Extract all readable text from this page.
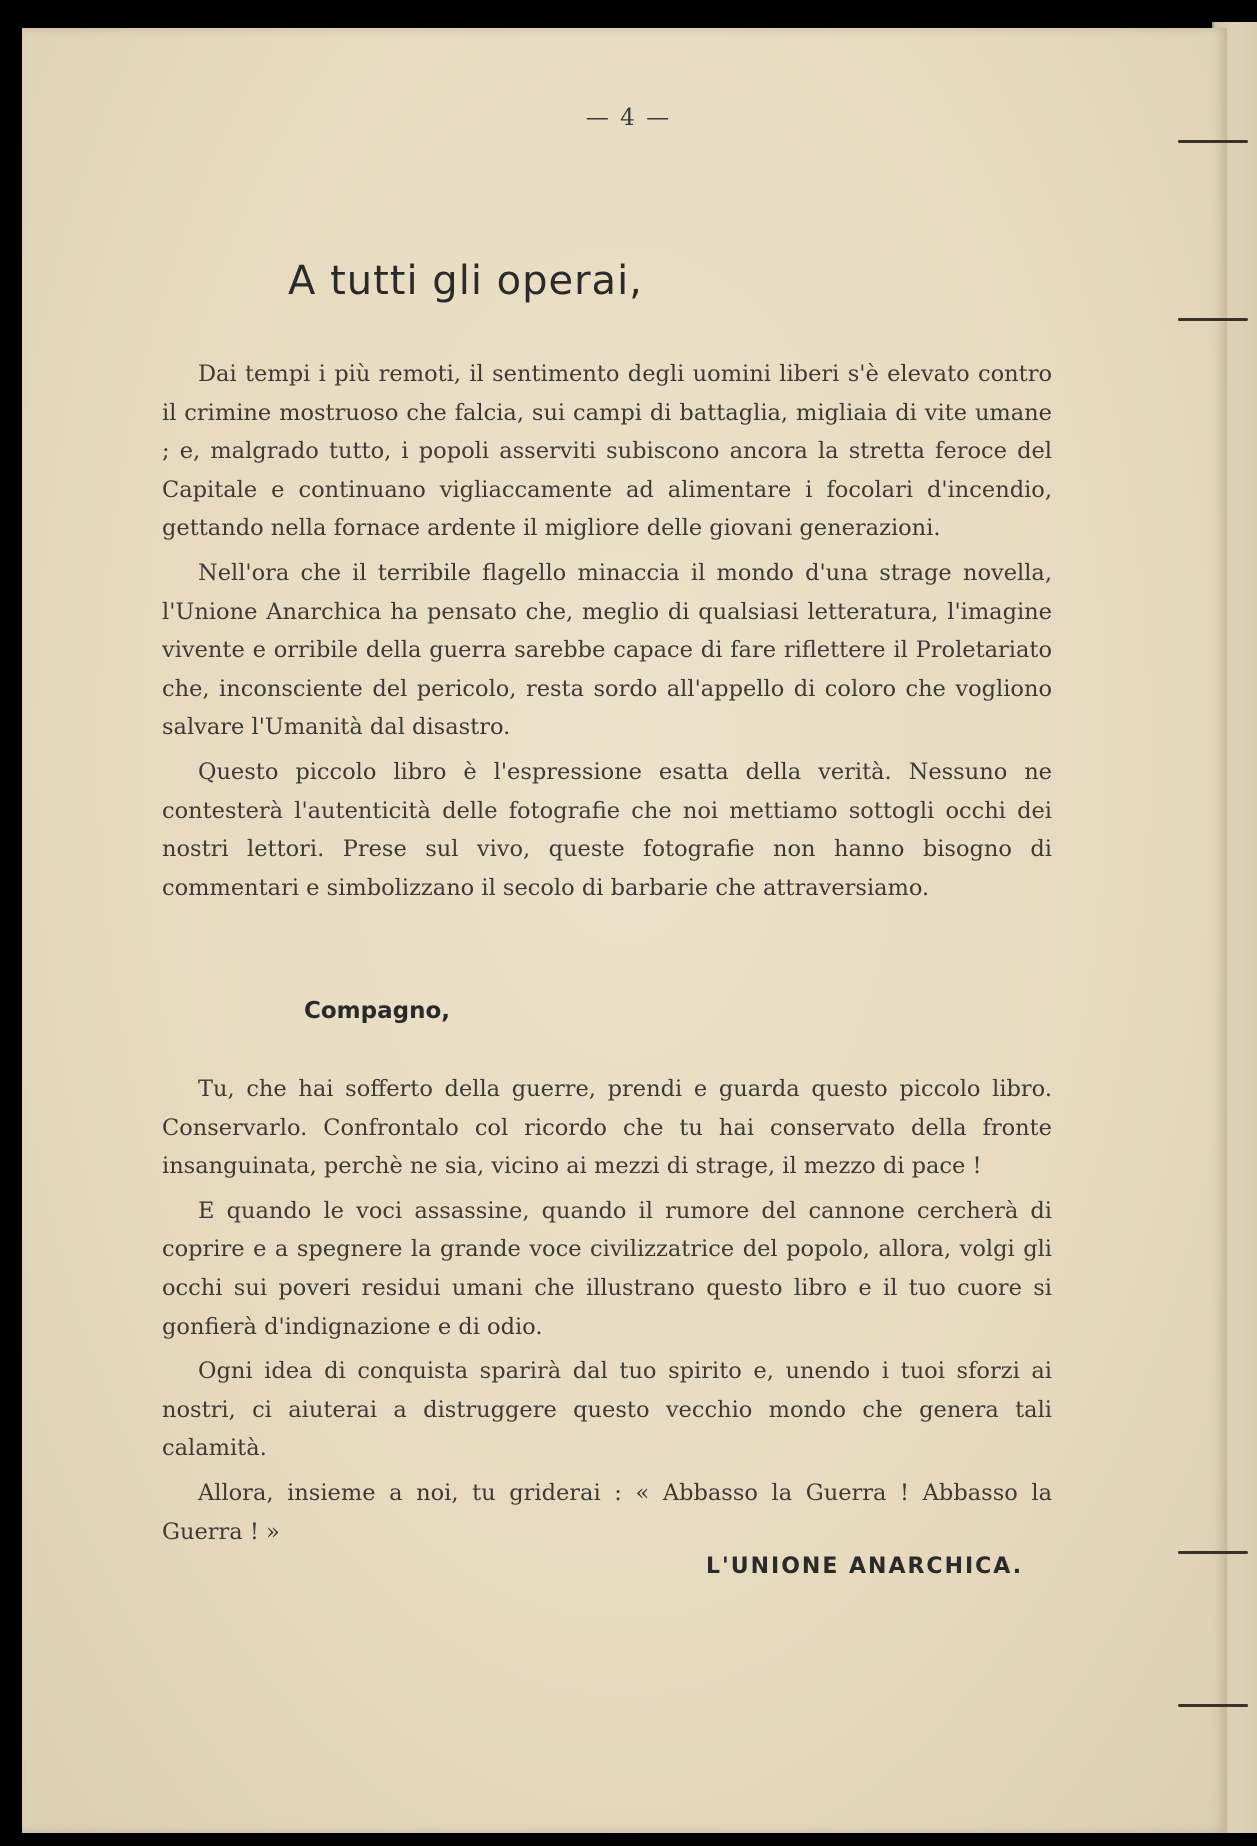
— 4 —
A tutti gli operai,

Dai tempi i più remoti, il sentimento degli uomini liberi s'è elevato contro il crimine mostruoso che falcia, sui campi di battaglia, migliaia di vite umane ; e, malgrado tutto, i popoli asserviti subiscono ancora la stretta feroce del Capitale e continuano vigliaccamente ad alimentare i focolari d'incendio, gettando nella fornace ardente il migliore delle giovani generazioni.

Nell'ora che il terribile flagello minaccia il mondo d'una strage novella, l'Unione Anarchica ha pensato che, meglio di qualsiasi letteratura, l'imagine vivente e orribile della guerra sarebbe capace di fare riflettere il Proletariato che, inconsciente del pericolo, resta sordo all'appello di coloro che vogliono salvare l'Umanità dal disastro.

Questo piccolo libro è l'espressione esatta della verità. Nessuno ne contesterà l'autenticità delle fotografie che noi mettiamo sottogli occhi dei nostri lettori. Prese sul vivo, queste fotografie non hanno bisogno di commentari e simbolizzano il secolo di barbarie che attraversiamo.

Compagno,

Tu, che hai sofferto della guerre, prendi e guarda questo piccolo libro. Conservarlo. Confrontalo col ricordo che tu hai conservato della fronte insanguinata, perchè ne sia, vicino ai mezzi di strage, il mezzo di pace !

E quando le voci assassine, quando il rumore del cannone cercherà di coprire e a spegnere la grande voce civilizzatrice del popolo, allora, volgi gli occhi sui poveri residui umani che illustrano questo libro e il tuo cuore si gonfierà d'indignazione e di odio.

Ogni idea di conquista sparirà dal tuo spirito e, unendo i tuoi sforzi ai nostri, ci aiuterai a distruggere questo vecchio mondo che genera tali calamità.

Allora, insieme a noi, tu griderai : « Abbasso la Guerra ! Abbasso la Guerra ! »

L'UNIONE ANARCHICA.
